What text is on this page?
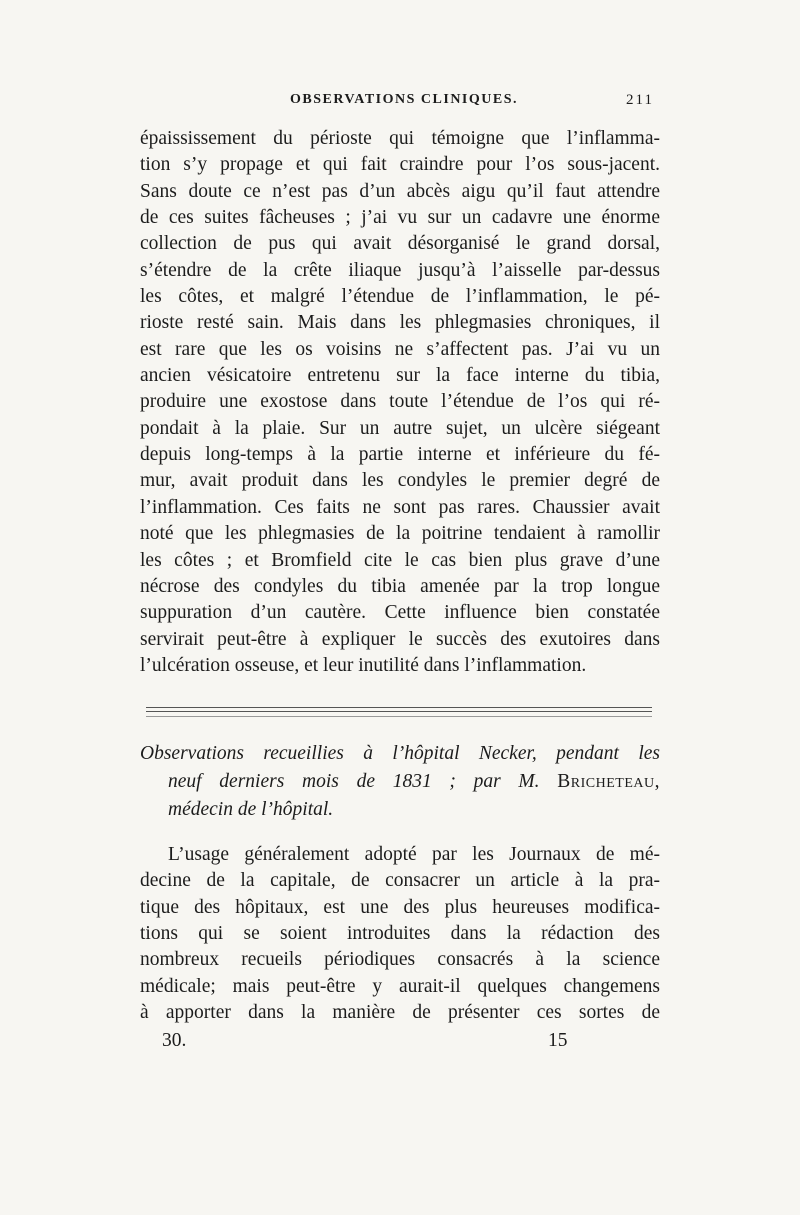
OBSERVATIONS CLINIQUES.	211
épaississement du périoste qui témoigne que l’inflamma-
tion s’y propage et qui fait craindre pour l’os sous-jacent.
Sans doute ce n’est pas d’un abcès aigu qu’il faut attendre
de ces suites fâcheuses ; j’ai vu sur un cadavre une énorme
collection de pus qui avait désorganisé le grand dorsal,
s’étendre de la crête iliaque jusqu’à l’aisselle par-dessus
les côtes, et malgré l’étendue de l’inflammation, le pé-
rioste resté sain. Mais dans les phlegmasies chroniques, il
est rare que les os voisins ne s’affectent pas. J’ai vu un
ancien vésicatoire entretenu sur la face interne du tibia,
produire une exostose dans toute l’étendue de l’os qui ré-
pondait à la plaie. Sur un autre sujet, un ulcère siégeant
depuis long-temps à la partie interne et inférieure du fé-
mur, avait produit dans les condyles le premier degré de
l’inflammation. Ces faits ne sont pas rares. Chaussier avait
noté que les phlegmasies de la poitrine tendaient à ramollir
les côtes ; et Bromfield cite le cas bien plus grave d’une
nécrose des condyles du tibia amenée par la trop longue
suppuration d’un cautère. Cette influence bien constatée
servirait peut-être à expliquer le succès des exutoires dans
l’ulcération osseuse, et leur inutilité dans l’inflammation.
Observations recueillies à l’hôpital Necker, pendant les
neuf derniers mois de 1831 ; par M. Bricheteau,
médecin de l’hôpital.
L’usage généralement adopté par les Journaux de mé-
decine de la capitale, de consacrer un article à la pra-
tique des hôpitaux, est une des plus heureuses modifica-
tions qui se soient introduites dans la rédaction des
nombreux recueils périodiques consacrés à la science
médicale; mais peut-être y aurait-il quelques changemens
à apporter dans la manière de présenter ces sortes de
30.	15
